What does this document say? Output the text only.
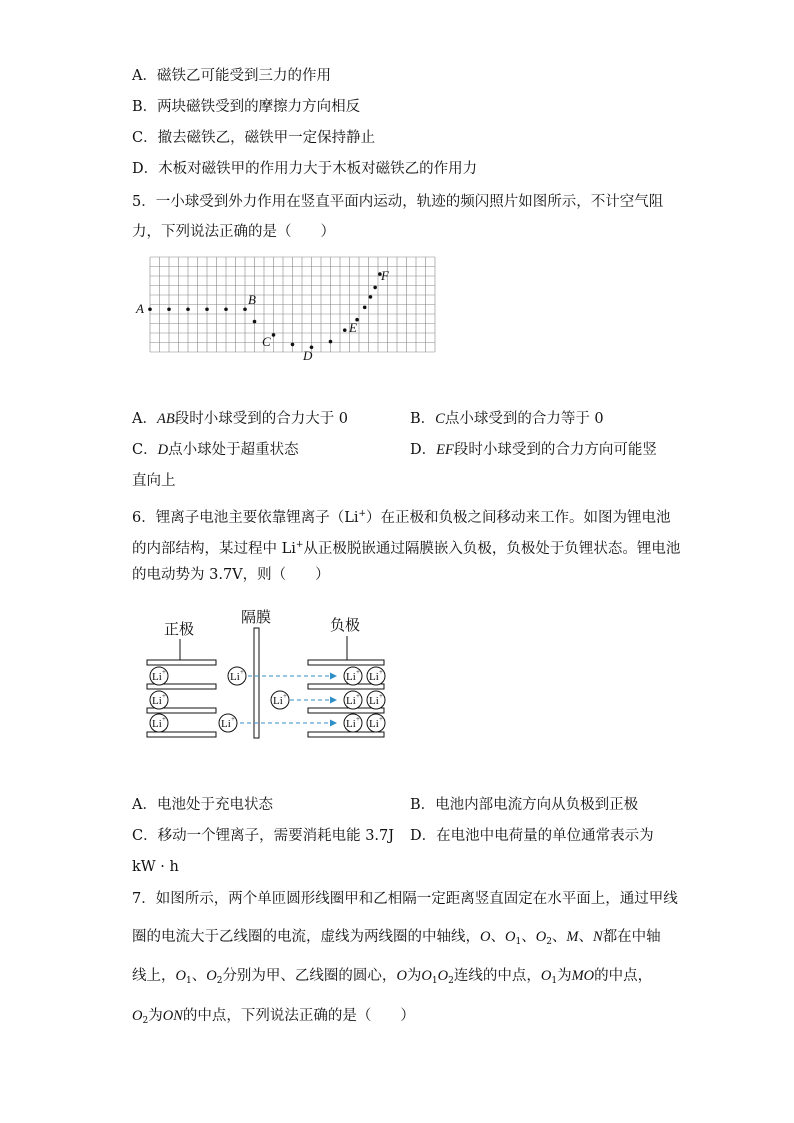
A．磁铁乙可能受到三力的作用
B．两块磁铁受到的摩擦力方向相反
C．撤去磁铁乙，磁铁甲一定保持静止
D．木板对磁铁甲的作用力大于木板对磁铁乙的作用力
5．一小球受到外力作用在竖直平面内运动，轨迹的频闪照片如图所示，不计空气阻
力，下列说法正确的是（　　）
A
B
C
D
E
F
A．AB段时小球受到的合力大于 0	B．C点小球受到的合力等于 0
C．D点小球处于超重状态	D．EF段时小球受到的合力方向可能竖
直向上
6．锂离子电池主要依靠锂离子（Li+）在正极和负极之间移动来工作。如图为锂电池
的内部结构，某过程中 Li+从正极脱嵌通过隔膜嵌入负极，负极处于负锂状态。锂电池
的电动势为 3.7V，则（　　）
正极
隔膜	负极
Li +
Li +
Li +
Li +
Li +
Li +
Li + Li +
Li + Li +
Li + Li +
A．电池处于充电状态	B．电池内部电流方向从负极到正极
C．移动一个锂离子，需要消耗电能 3.7J D．在电池中电荷量的单位通常表示为
kW · h
7．如图所示，两个单匝圆形线圈甲和乙相隔一定距离竖直固定在水平面上，通过甲线
圈的电流大于乙线圈的电流，虚线为两线圈的中轴线，O、$O_1$、$O_2$、M、N都在中轴
线上，$O_1$、$O_2$分别为甲、乙线圈的圆心，O为$O_1O_2$连线的中点，$O_1$为MO的中点，
$O_2$为ON的中点，下列说法正确的是（　　）
